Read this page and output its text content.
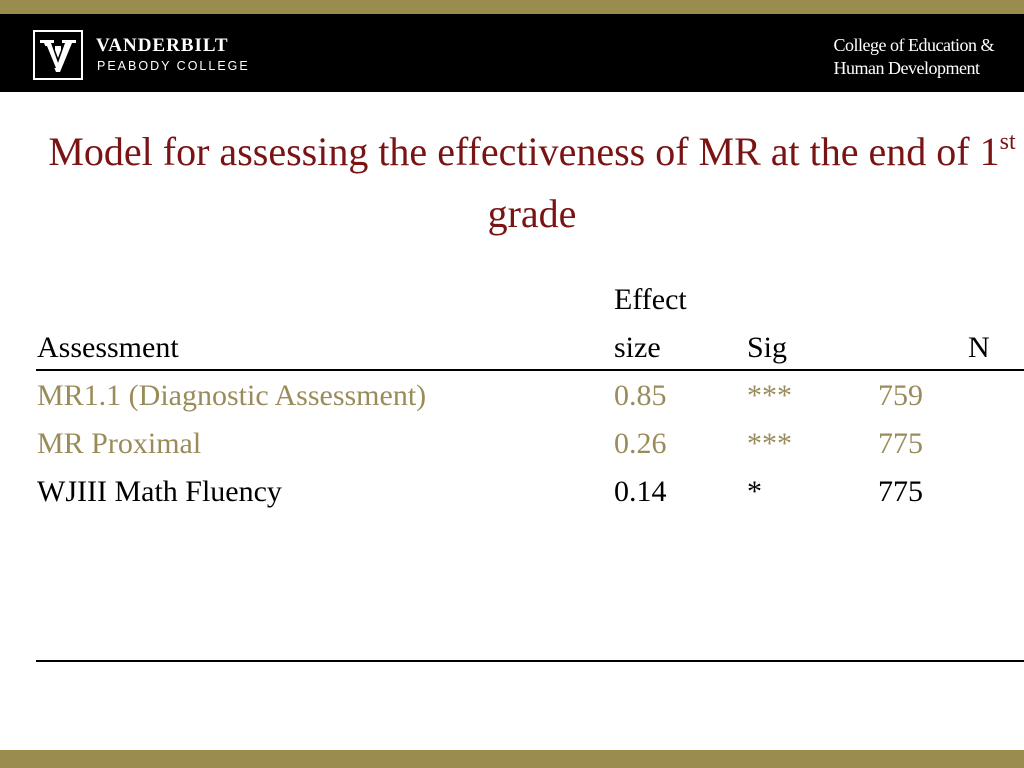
VANDERBILT
PEABODY COLLEGE
College of Education &
Human Development
Model for assessing the effectiveness of MR at the end of 1st grade
Effect
Assessment	size	Sig	N
MR1.1 (Diagnostic Assessment)	0.85	***	759
MR Proximal	0.26	***	775
WJIII Math Fluency	0.14	*	775
